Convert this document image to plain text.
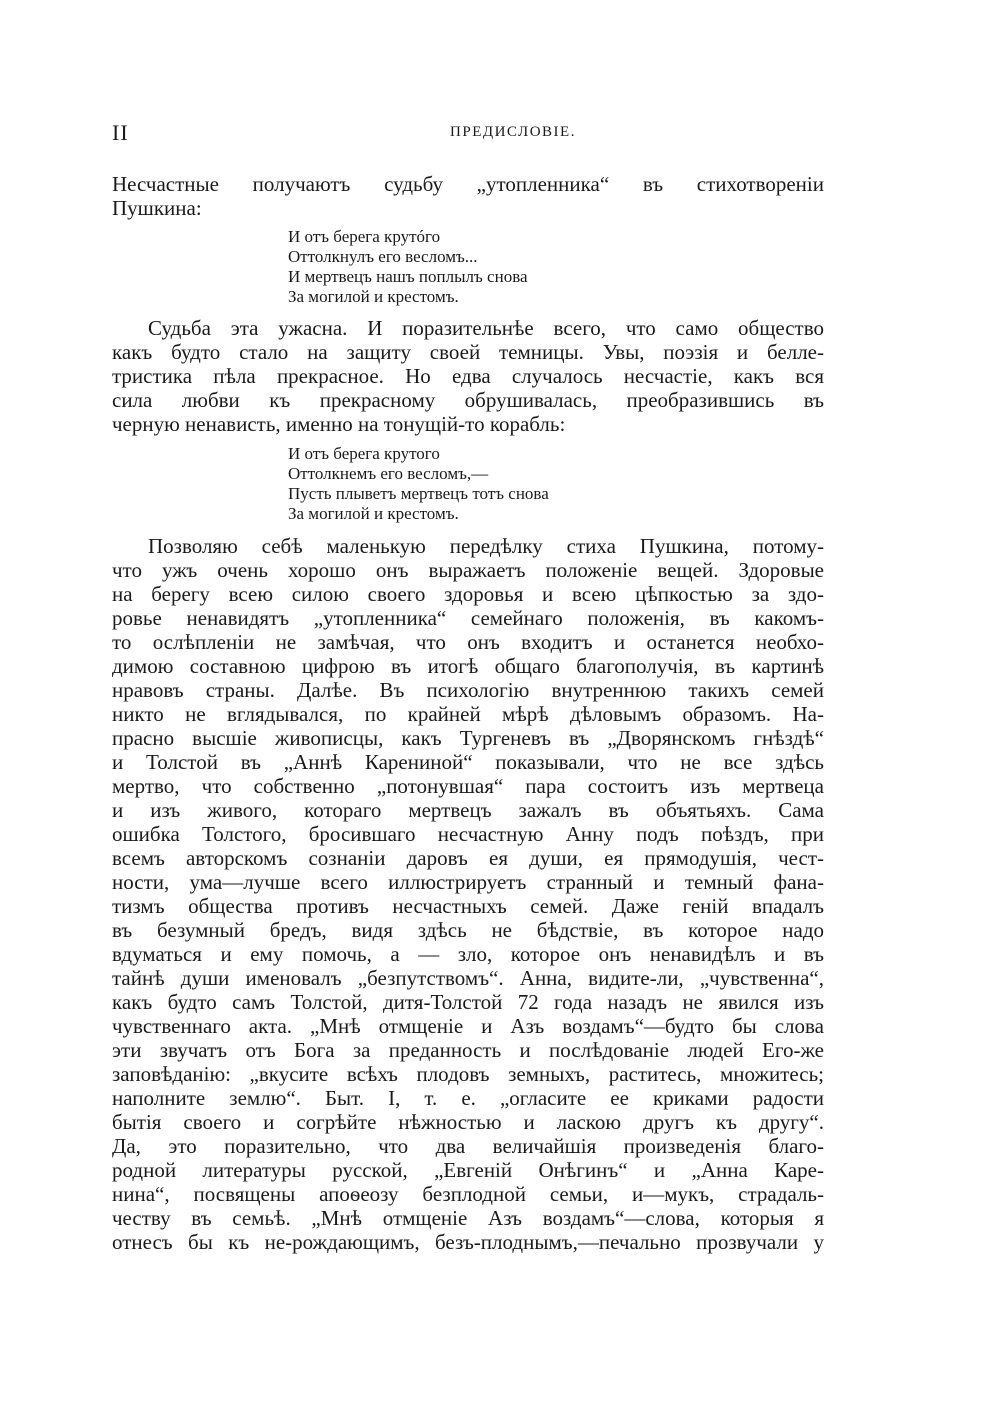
II	ПРЕДИСЛОВІЕ.
Несчастные получаютъ судьбу „утопленника“ въ стихотвореніи
Пушкина:
И отъ берега крутóго
Оттолкнулъ его весломъ...
И мертвецъ нашъ поплылъ снова
За могилой и крестомъ.
Судьба эта ужасна. И поразительнѣе всего, что само общество
какъ будто стало на защиту своей темницы. Увы, поэзія и белле-
тристика пѣла прекрасное. Но едва случалось несчастіе, какъ вся
сила любви къ прекрасному обрушивалась, преобразившись въ
черную ненависть, именно на тонущій-то корабль:
И отъ берега крутого
Оттолкнемъ его весломъ,—
Пусть плыветъ мертвецъ тотъ снова
За могилой и крестомъ.
Позволяю себѣ маленькую передѣлку стиха Пушкина, потому-
что ужъ очень хорошо онъ выражаетъ положеніе вещей. Здоровые
на берегу всею силою своего здоровья и всею цѣпкостью за здо-
ровье ненавидятъ „утопленника“ семейнаго положенія, въ какомъ-
то ослѣпленіи не замѣчая, что онъ входитъ и останется необхо-
димою составною цифрою въ итогѣ общаго благополучія, въ картинѣ
нравовъ страны. Далѣе. Въ психологію внутреннюю такихъ семей
никто не вглядывался, по крайней мѣрѣ дѣловымъ образомъ. На-
прасно высшіе живописцы, какъ Тургеневъ въ „Дворянскомъ гнѣздѣ“
и Толстой въ „Аннѣ Карениной“ показывали, что не все здѣсь
мертво, что собственно „потонувшая“ пара состоитъ изъ мертвеца
и изъ живого, котораго мертвецъ зажалъ въ объятьяхъ. Сама
ошибка Толстого, бросившаго несчастную Анну подъ поѣздъ, при
всемъ авторскомъ сознаніи даровъ ея души, ея прямодушія, чест-
ности, ума—лучше всего иллюстрируетъ странный и темный фана-
тизмъ общества противъ несчастныхъ семей. Даже геній впадалъ
въ безумный бредъ, видя здѣсь не бѣдствіе, въ которое надо
вдуматься и ему помочь, а — зло, которое онъ ненавидѣлъ и въ
тайнѣ души именовалъ „безпутствомъ“. Анна, видите-ли, „чувственна“,
какъ будто самъ Толстой, дитя-Толстой 72 года назадъ не явился изъ
чувственнаго акта. „Мнѣ отмщеніе и Азъ воздамъ“—будто бы слова
эти звучатъ отъ Бога за преданность и послѣдованіе людей Его-же
заповѣданію: „вкусите всѣхъ плодовъ земныхъ, раститесь, множитесь;
наполните землю“. Быт. I, т. е. „огласите ее криками радости
бытія своего и согрѣйте нѣжностью и ласкою другъ къ другу“.
Да, это поразительно, что два величайшія произведенія благо-
родной литературы русской, „Евгеній Онѣгинъ“ и „Анна Каре-
нина“, посвящены апоѳеозу безплодной семьи, и—мукъ, страдаль-
честву въ семьѣ. „Мнѣ отмщеніе Азъ воздамъ“—слова, которыя я
отнесъ бы къ не-рождающимъ, безъ-плоднымъ,—печально прозвучали у
